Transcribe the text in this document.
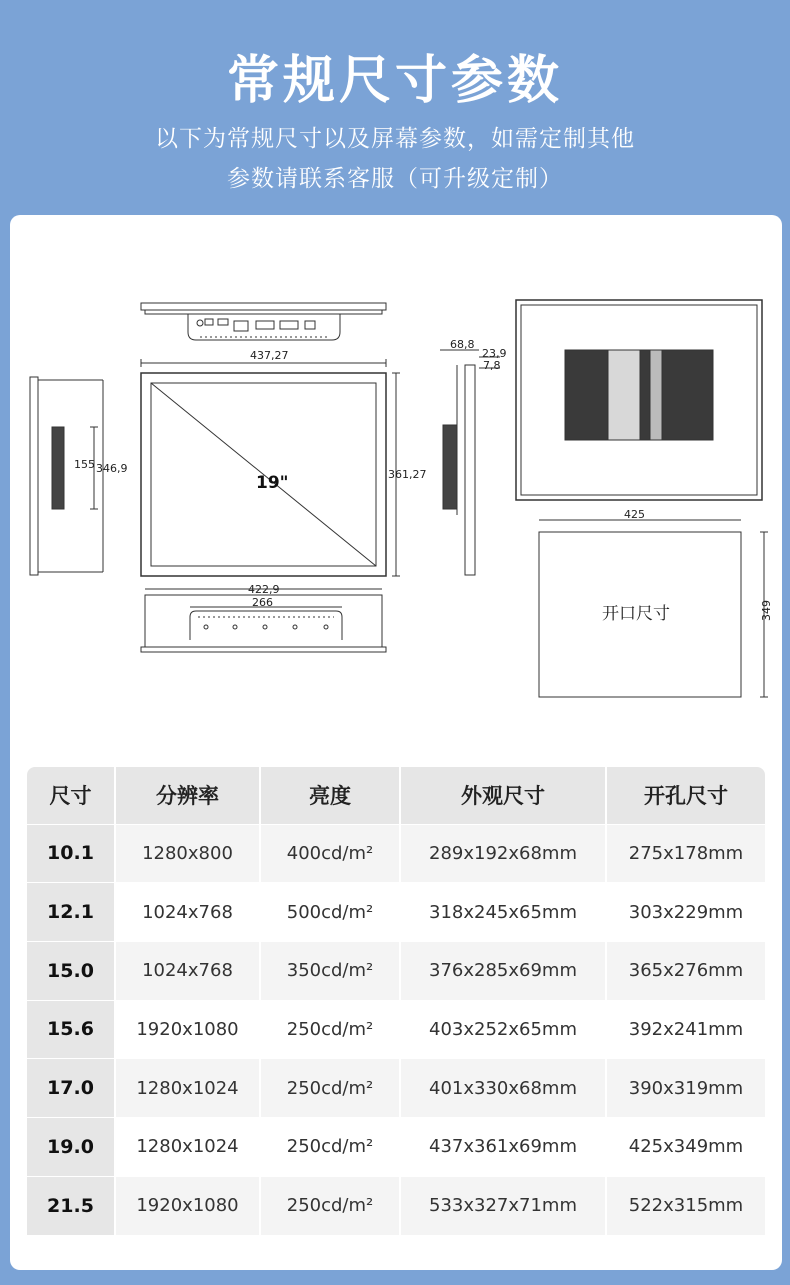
常规尺寸参数
以下为常规尺寸以及屏幕参数，如需定制其他
参数请联系客服（可升级定制）
437,27
361,27
346,9
155
19"
422,9
266
68,8
23,9
7,8
425
349
开口尺寸
尺寸	分辨率	亮度	外观尺寸	开孔尺寸
10.1	1280x800	400cd/m²	289x192x68mm	275x178mm
12.1	1024x768	500cd/m²	318x245x65mm	303x229mm
15.0	1024x768	350cd/m²	376x285x69mm	365x276mm
15.6	1920x1080	250cd/m²	403x252x65mm	392x241mm
17.0	1280x1024	250cd/m²	401x330x68mm	390x319mm
19.0	1280x1024	250cd/m²	437x361x69mm	425x349mm
21.5	1920x1080	250cd/m²	533x327x71mm	522x315mm
